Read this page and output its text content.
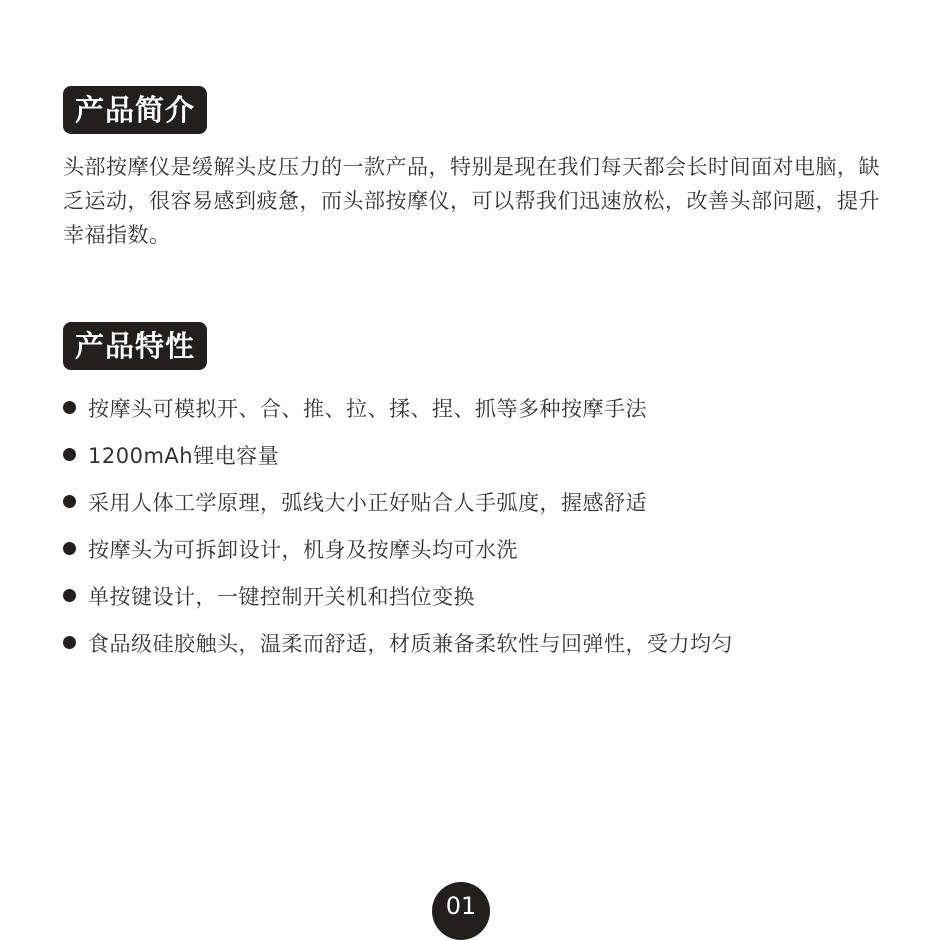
产品简介

头部按摩仪是缓解头皮压力的一款产品，特别是现在我们每天都会长时间面对电脑，缺乏运动，很容易感到疲惫，而头部按摩仪，可以帮我们迅速放松，改善头部问题，提升幸福指数。

产品特性
按摩头可模拟开、合、推、拉、揉、捏、抓等多种按摩手法
1200mAh锂电容量
采用人体工学原理，弧线大小正好贴合人手弧度，握感舒适
按摩头为可拆卸设计，机身及按摩头均可水洗
单按键设计，一键控制开关机和挡位变换
食品级硅胶触头，温柔而舒适，材质兼备柔软性与回弹性，受力均匀
01
